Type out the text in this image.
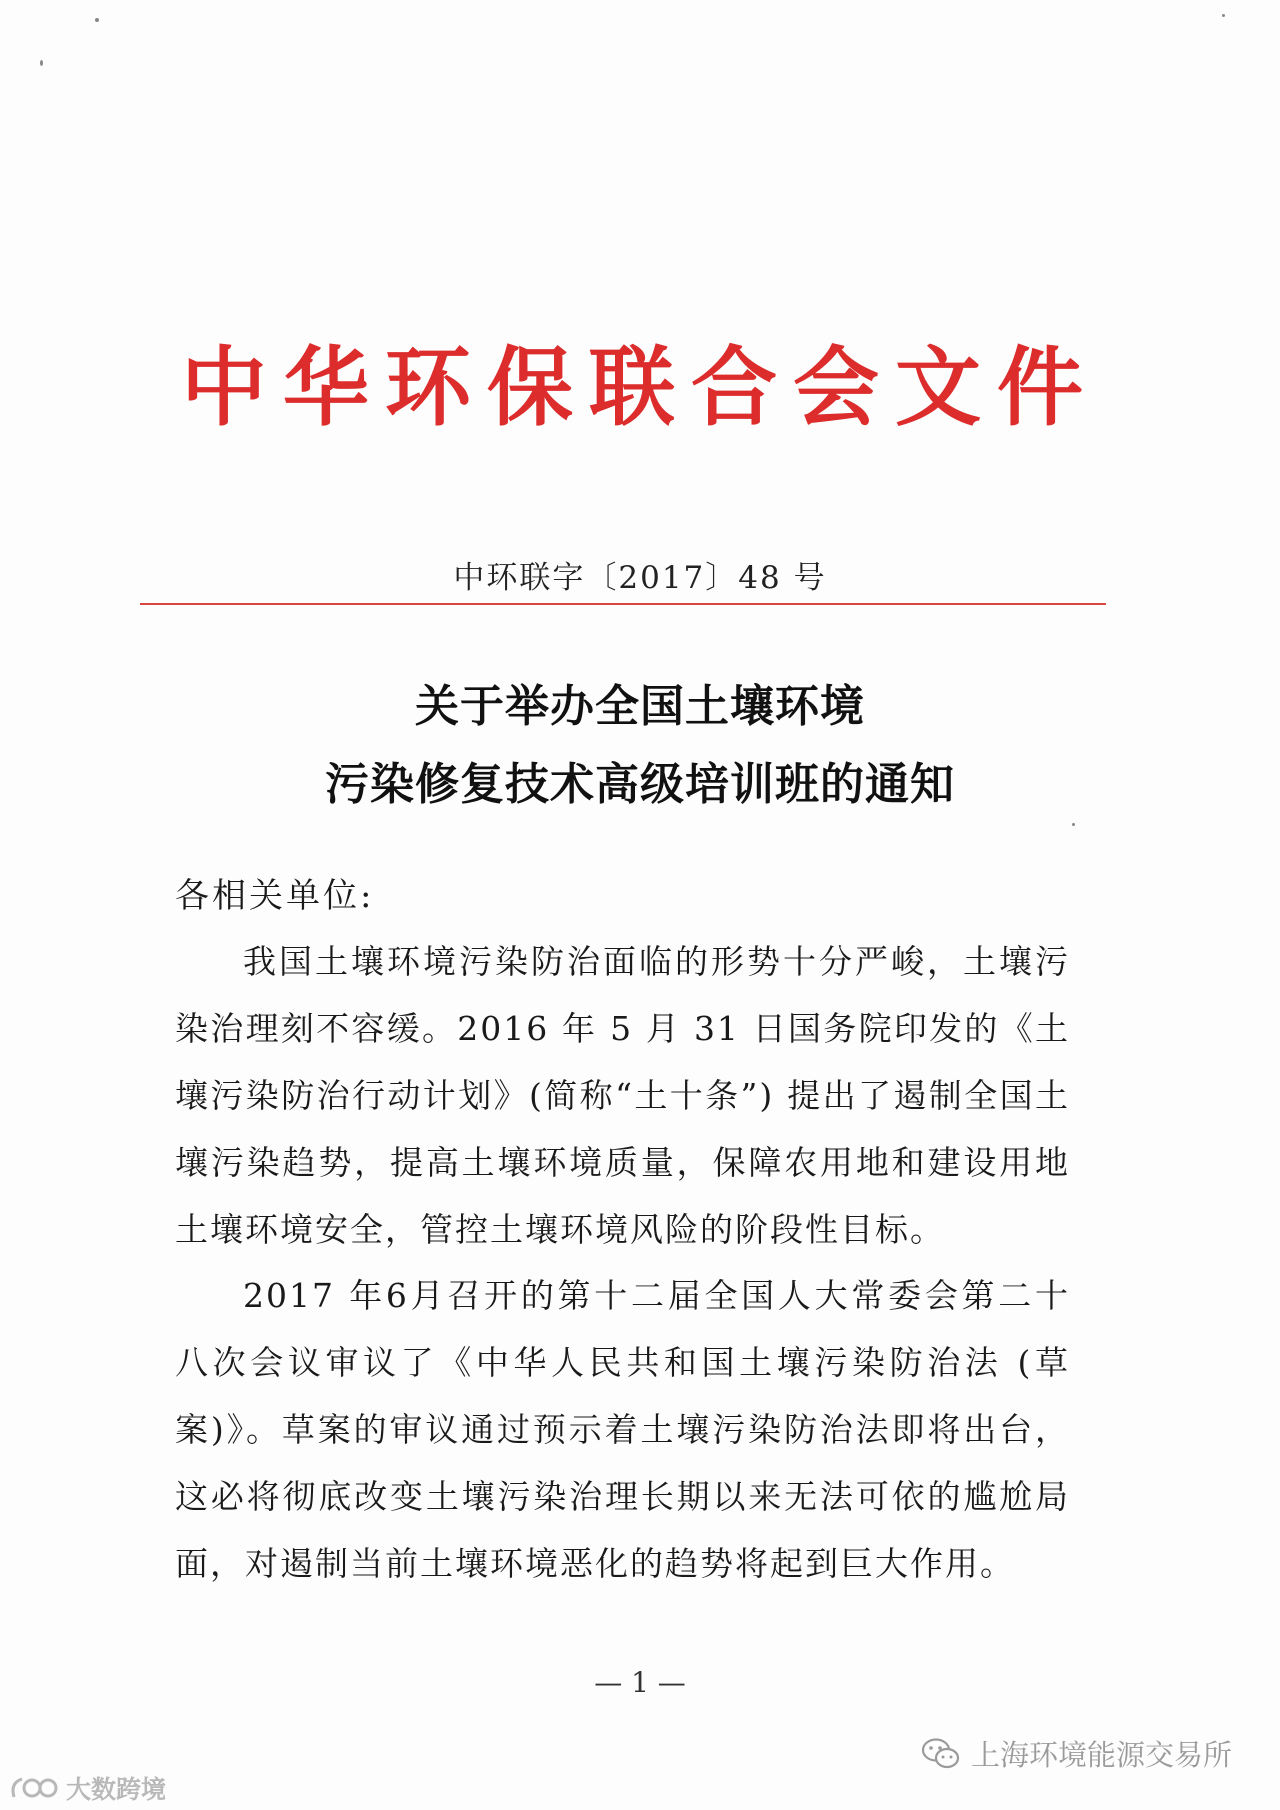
中华环保联合会文件
中环联字〔2017〕48 号
关于举办全国土壤环境
污染修复技术高级培训班的通知
各相关单位:
我国土壤环境污染防治面临的形势十分严峻，土壤污染治理刻不容缓。2016 年 5 月 31 日国务院印发的《土壤污染防治行动计划》(简称“土十条”) 提出了遏制全国土壤污染趋势，提高土壤环境质量，保障农用地和建设用地土壤环境安全，管控土壤环境风险的阶段性目标。
2017 年6月召开的第十二届全国人大常委会第二十八次会议审议了《中华人民共和国土壤污染防治法 (草案)》。草案的审议通过预示着土壤污染防治法即将出台，这必将彻底改变土壤污染治理长期以来无法可依的尴尬局面，对遏制当前土壤环境恶化的趋势将起到巨大作用。
— 1 —
上海环境能源交易所
大数跨境
